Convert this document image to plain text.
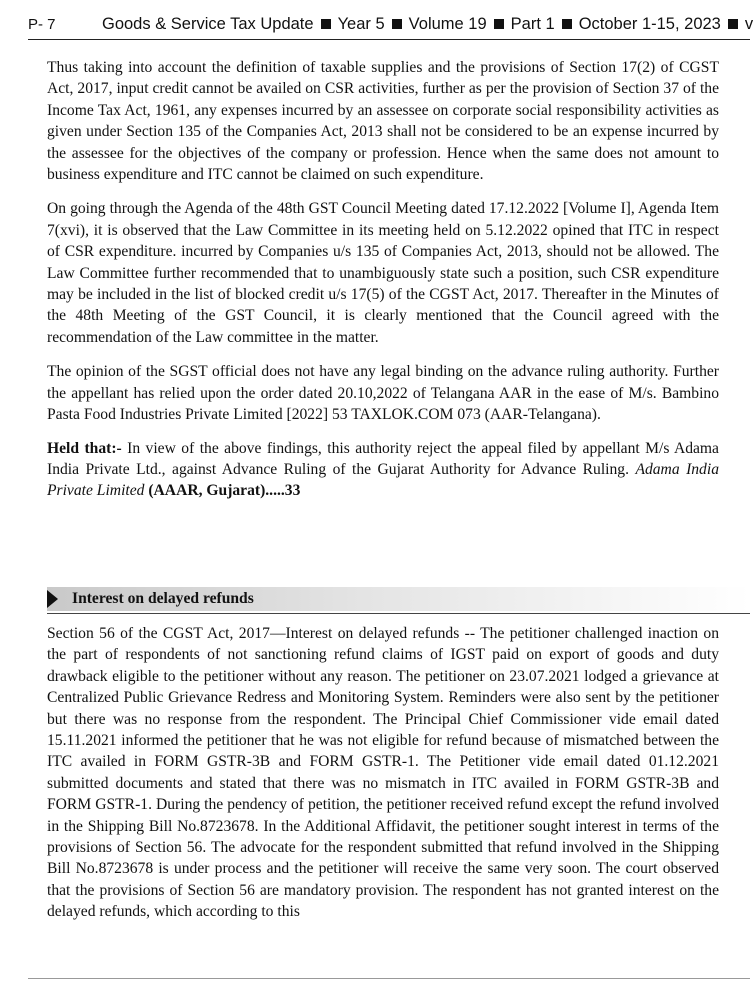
P- 7	Goods & Service Tax Update Year 5 Volume 19 Part 1 October 1-15, 2023 v

Thus taking into account the definition of taxable supplies and the provisions of Section 17(2) of CGST Act, 2017, input credit cannot be availed on CSR activities, further as per the provision of Section 37 of the Income Tax Act, 1961, any expenses incurred by an assessee on corporate social responsibility activities as given under Section 135 of the Companies Act, 2013 shall not be considered to be an expense incurred by the assessee for the objectives of the company or profession. Hence when the same does not amount to business expenditure and ITC cannot be claimed on such expenditure.

On going through the Agenda of the 48th GST Council Meeting dated 17.12.2022 [Volume I], Agenda Item 7(xvi), it is observed that the Law Committee in its meeting held on 5.12.2022 opined that ITC in respect of CSR expenditure. incurred by Companies u/s 135 of Companies Act, 2013, should not be allowed. The Law Committee further recommended that to unambiguously state such a position, such CSR expenditure may be included in the list of blocked credit u/s 17(5) of the CGST Act, 2017. Thereafter in the Minutes of the 48th Meeting of the GST Council, it is clearly mentioned that the Council agreed with the recommendation of the Law committee in the matter.

The opinion of the SGST official does not have any legal binding on the advance ruling authority. Further the appellant has relied upon the order dated 20.10,2022 of Telangana AAR in the ease of M/s. Bambino Pasta Food Industries Private Limited [2022] 53 TAXLOK.COM 073 (AAR-Telangana).

Held that:- In view of the above findings, this authority reject the appeal filed by appellant M/s Adama India Private Ltd., against Advance Ruling of the Gujarat Authority for Advance Ruling. Adama India Private Limited (AAAR, Gujarat).....33

Interest on delayed refunds

Section 56 of the CGST Act, 2017—Interest on delayed refunds -- The petitioner challenged inaction on the part of respondents of not sanctioning refund claims of IGST paid on export of goods and duty drawback eligible to the petitioner without any reason. The petitioner on 23.07.2021 lodged a grievance at Centralized Public Grievance Redress and Monitoring System. Reminders were also sent by the petitioner but there was no response from the respondent. The Principal Chief Commissioner vide email dated 15.11.2021 informed the petitioner that he was not eligible for refund because of mismatched between the ITC availed in FORM GSTR-3B and FORM GSTR-1. The Petitioner vide email dated 01.12.2021 submitted documents and stated that there was no mismatch in ITC availed in FORM GSTR-3B and FORM GSTR-1. During the pendency of petition, the petitioner received refund except the refund involved in the Shipping Bill No.8723678. In the Additional Affidavit, the petitioner sought interest in terms of the provisions of Section 56. The advocate for the respondent submitted that refund involved in the Shipping Bill No.8723678 is under process and the petitioner will receive the same very soon. The court observed that the provisions of Section 56 are mandatory provision. The respondent has not granted interest on the delayed refunds, which according to this
